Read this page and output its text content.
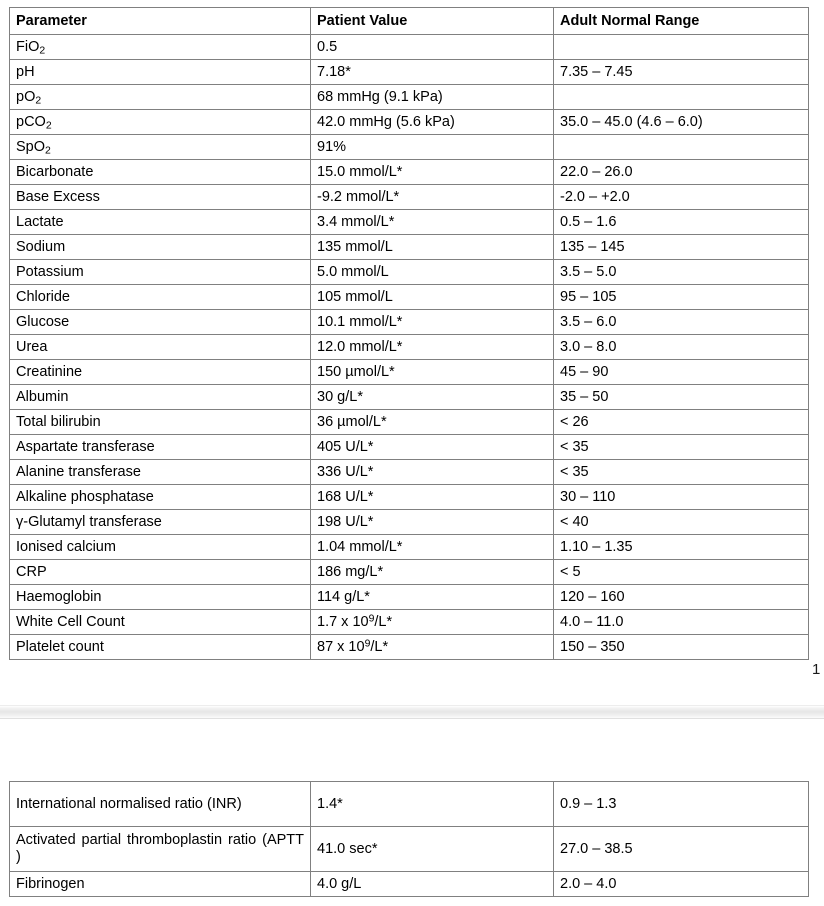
Parameter	Patient Value	Adult Normal Range
FiO$_2$	0.5	
pH	7.18*	7.35 – 7.45
$pO_2$	68 mmHg (9.1 kPa)	
pCO$_2$	42.0 mmHg (5.6 kPa)	35.0 – 45.0 (4.6 – 6.0)
SpO$_2$	91%	
Bicarbonate	15.0 mmol/L*	22.0 – 26.0
Base Excess	-9.2 mmol/L*	-2.0 – +2.0
Lactate	3.4 mmol/L*	0.5 – 1.6
Sodium	135 mmol/L	135 – 145
Potassium	5.0 mmol/L	3.5 – 5.0
Chloride	105 mmol/L	95 – 105
Glucose	10.1 mmol/L*	3.5 – 6.0
Urea	12.0 mmol/L*	3.0 – 8.0
Creatinine	150 µmol/L*	45 – 90
Albumin	30 g/L*	35 – 50
Total bilirubin	36 µmol/L*	< 26
Aspartate transferase	405 U/L*	< 35
Alanine transferase	336 U/L*	< 35
Alkaline phosphatase	168 U/L*	30 – 110
γ-Glutamyl transferase	198 U/L*	< 40
Ionised calcium	1.04 mmol/L*	1.10 – 1.35
CRP	186 mg/L*	< 5
Haemoglobin	114 g/L*	120 – 160
White Cell Count	1.7 x $10^9/L*$	4.0 – 11.0
Platelet count	87 x $10^9/L*$	150 – 350
1
International normalised ratio (INR)	1.4*	0.9 – 1.3
Activated partial thromboplastin ratio (APTT )	41.0 sec*	27.0 – 38.5
Fibrinogen	4.0 g/L	2.0 – 4.0
